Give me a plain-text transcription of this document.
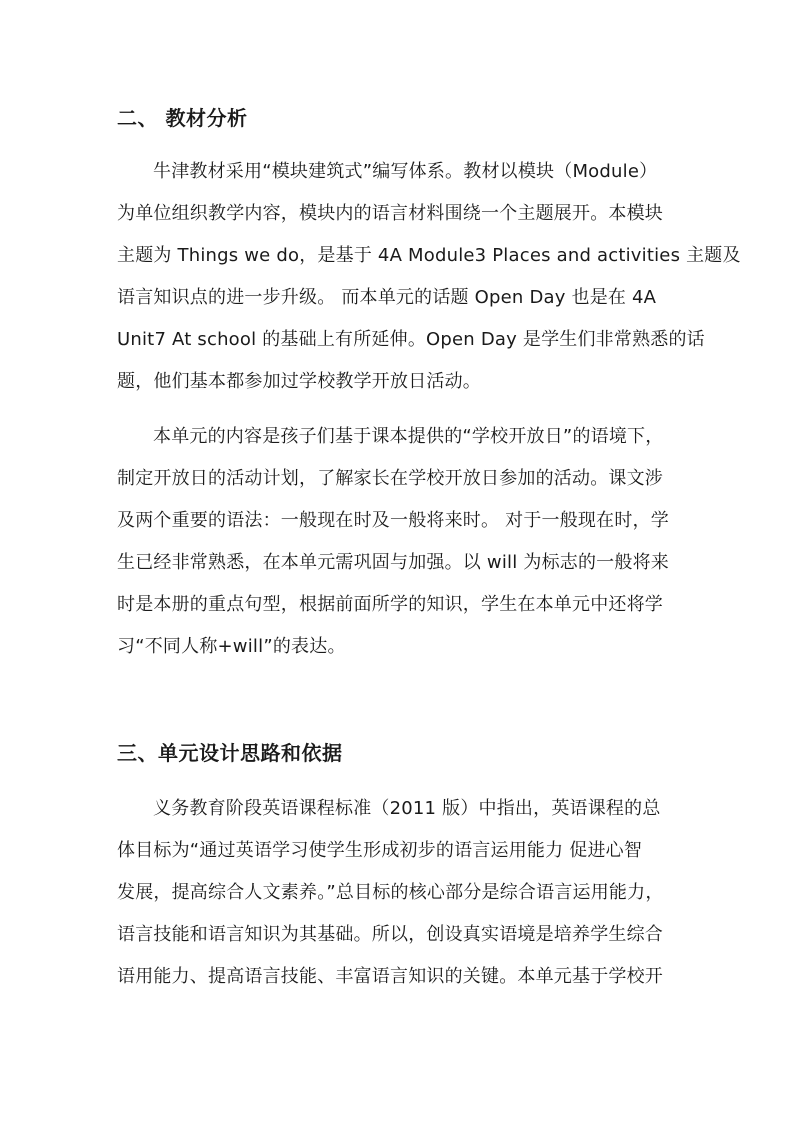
二、 教材分析
牛津教材采用“模块建筑式”编写体系。教材以模块（Module）
为单位组织教学内容，模块内的语言材料围绕一个主题展开。本模块
主题为 Things we do，是基于 4A Module3 Places and activities 主题及
语言知识点的进一步升级。 而本单元的话题 Open Day 也是在 4A
Unit7 At school 的基础上有所延伸。Open Day 是学生们非常熟悉的话
题，他们基本都参加过学校教学开放日活动。
本单元的内容是孩子们基于课本提供的“学校开放日”的语境下，
制定开放日的活动计划，了解家长在学校开放日参加的活动。课文涉
及两个重要的语法：一般现在时及一般将来时。 对于一般现在时，学
生已经非常熟悉，在本单元需巩固与加强。以 will 为标志的一般将来
时是本册的重点句型，根据前面所学的知识，学生在本单元中还将学
习“不同人称+will”的表达。
三、单元设计思路和依据
义务教育阶段英语课程标准（2011 版）中指出，英语课程的总
体目标为“通过英语学习使学生形成初步的语言运用能力 促进心智
发展，提高综合人文素养。”总目标的核心部分是综合语言运用能力，
语言技能和语言知识为其基础。所以，创设真实语境是培养学生综合
语用能力、提高语言技能、丰富语言知识的关键。本单元基于学校开
